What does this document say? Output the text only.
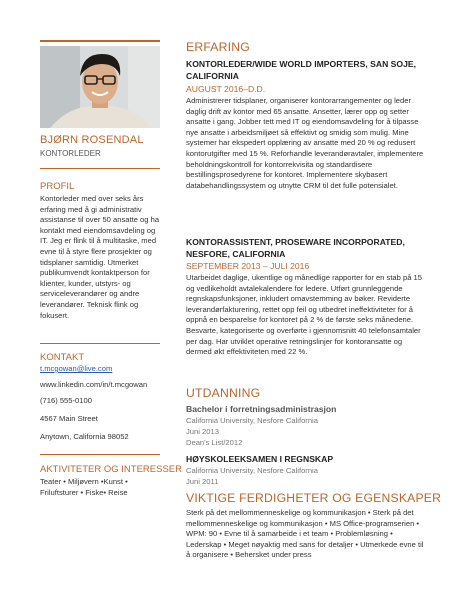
BJØRN ROSENDAL
KONTORLEDER
PROFIL
Kontorleder med over seks års erfaring med å gi administrativ assistanse til over 50 ansatte og ha kontakt med eiendomsavdeling og IT. Jeg er flink til å multitaske, med evne til å styre flere prosjekter og tidsplaner samtidig. Utmerket publikumvendt kontaktperson for klienter, kunder, utstyrs- og serviceleverandører og andre leverandører. Teknisk flink og fokusert.
KONTAKT
t.mcgowan@live.com
www.linkedin.com/in/t.mcgowan
(716) 555-0100
4567 Main Street
Anytown, California 98052
AKTIVITETER OG INTERESSER
Teater • Miljøvern •Kunst • Friluftsturer • Fiske• Reise
ERFARING
KONTORLEDER/WIDE WORLD IMPORTERS, SAN SOJE, CALIFORNIA
AUGUST 2016–D.D.
Administrerer tidsplaner, organiserer kontorarrangementer og leder daglig drift av kontor med 65 ansatte. Ansetter, lærer opp og setter ansatte i gang. Jobber tett med IT og eiendomsavdeling for å tilpasse nye ansatte i arbeidsmiljøet så effektivt og smidig som mulig. Mine systemer har ekspedert opplæring av ansatte med 20 % og redusert kontorutgifter med 15 %. Reforhandle leverandøravtaler, implementere beholdningskontroll for kontorrekvisita og standardisere bestillingsprosedyrene for kontoret. Implementere skybasert databehandlingssystem og utnytte CRM til det fulle potensialet.
KONTORASSISTENT, PROSEWARE INCORPORATED, NESFORE, CALIFORNIA
SEPTEMBER 2013 – JULI 2016
Utarbeidet daglige, ukentlige og månedlige rapporter for en stab på 15 og vedlikeholdt avtalekalendere for ledere. Utført grunnleggende regnskapsfunksjoner, inkludert omavstemming av bøker. Reviderte leverandørfakturering, rettet opp feil og utbedret ineffektiviteter for å oppnå en besparelse for kontoret på 2 % de første seks månedene. Besvarte, kategoriserte og overførte i gjennomsnitt 40 telefonsamtaler per dag. Har utviklet operative retningslinjer for kontoransatte og dermed økt effektiviteten med 22 %.
UTDANNING
Bachelor i forretningsadministrasjon
California University, Nesfore California
Juni 2013
Dean's List/2012
HØYSKOLEEKSAMEN I REGNSKAP
California University, Nesfore California
Juni 2011
VIKTIGE FERDIGHETER OG EGENSKAPER
Sterk på det mellommenneskelige og kommunikasjon • Sterk på det mellommenneskelige og kommunikasjon • MS Office-programserien • WPM: 90 • Evne til å samarbeide i et team • Problemløsning • Lederskap • Meget nøyaktig med sans for detaljer • Utmerkede evne til å organisere • Behersket under press
